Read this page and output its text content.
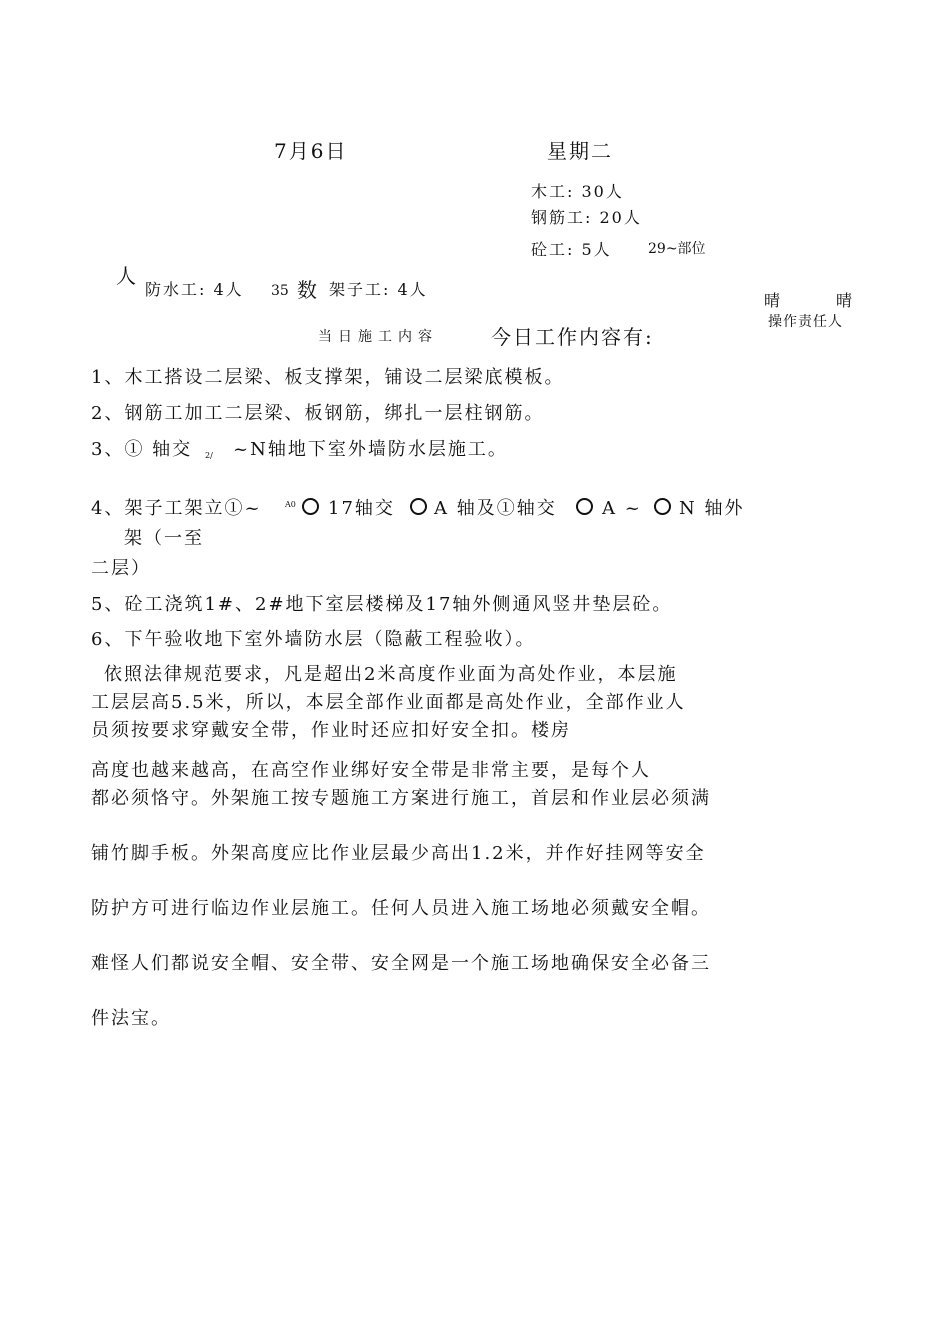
7月6日	星期二
木工: 30人
钢筋工: 20人
砼工: 5人	29~部位
人
防水工: 4人 35 数 架子工: 4人
晴	晴
操作责任人
当日施工内容	今日工作内容有:
1、木工搭设二层梁、板支撑架，铺设二层梁底模板。
2、钢筋工加工二层梁、板钢筋，绑扎一层柱钢筋。
3、① 轴交 2/ ~N轴地下室外墙防水层施工。
4、架子工架立①~	A0 17轴交 A 轴及①轴交	A ~ N 轴外
架（一至
二层）
5、砼工浇筑1#、2#地下室层楼梯及17轴外侧通风竖井垫层砼。
6、下午验收地下室外墙防水层（隐蔽工程验收）。
依照法律规范要求，凡是超出2米高度作业面为高处作业，本层施
工层层高5.5米，所以，本层全部作业面都是高处作业，全部作业人
员须按要求穿戴安全带，作业时还应扣好安全扣。楼房
高度也越来越高，在高空作业绑好安全带是非常主要，是每个人
都必须恪守。外架施工按专题施工方案进行施工，首层和作业层必须满
铺竹脚手板。外架高度应比作业层最少高出1.2米，并作好挂网等安全
防护方可进行临边作业层施工。任何人员进入施工场地必须戴安全帽。
难怪人们都说安全帽、安全带、安全网是一个施工场地确保安全必备三
件法宝。
